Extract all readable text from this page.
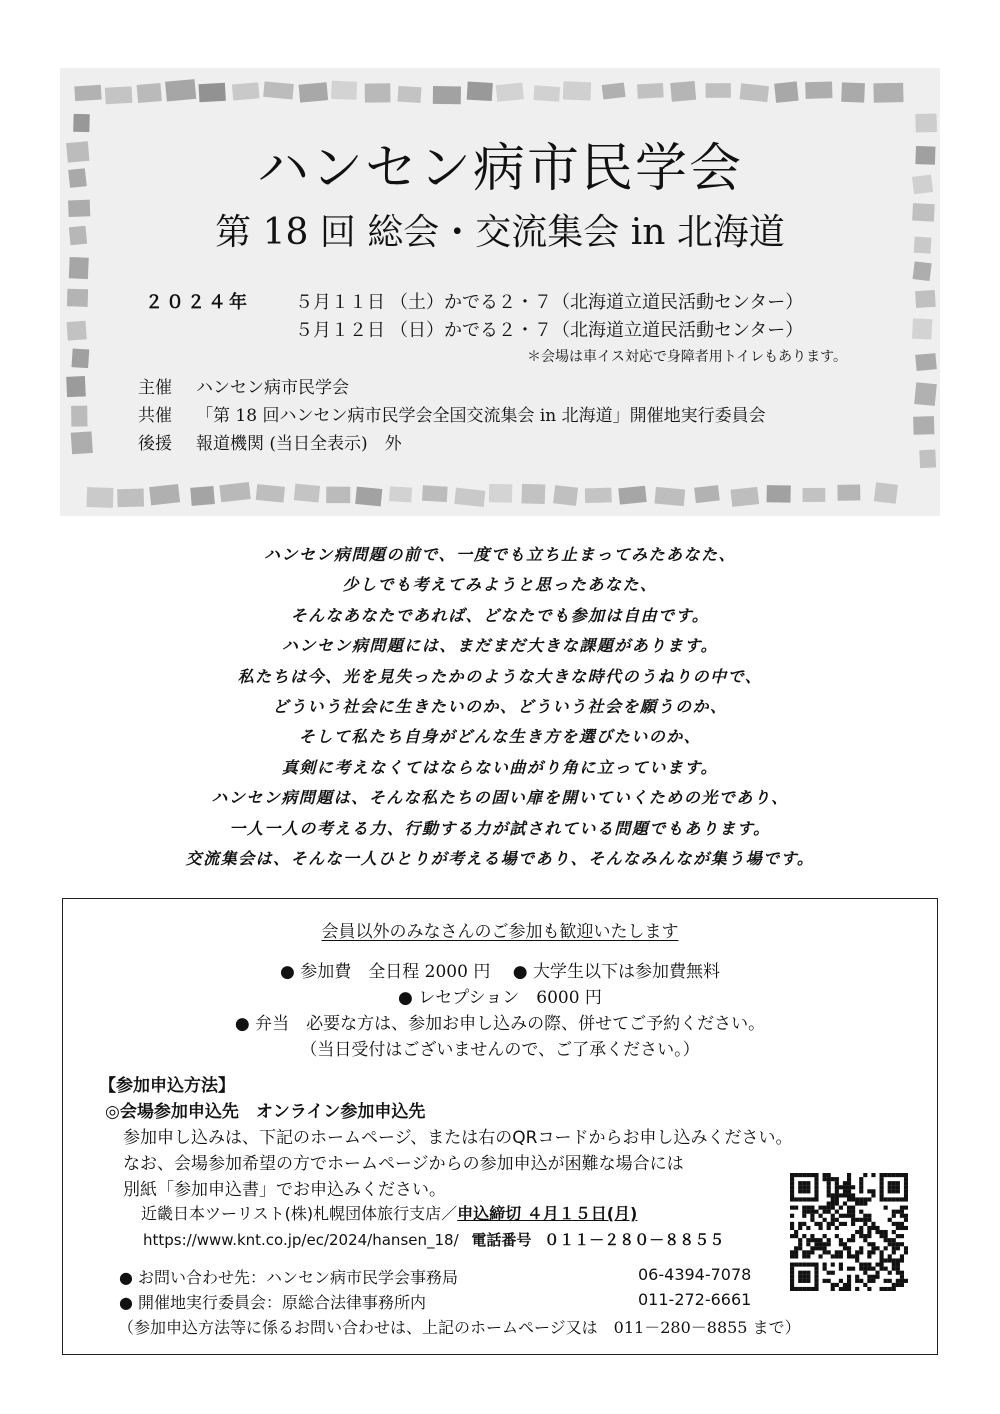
ハンセン病市民学会
第 18 回 総会・交流集会 in 北海道
２０２４年	５月１１日 （土）かでる２・７（北海道立道民活動センター）
５月１２日 （日）かでる２・７（北海道立道民活動センター）
＊会場は車イス対応で身障者用トイレもあります。
主催 ハンセン病市民学会
共催 「第 18 回ハンセン病市民学会全国交流集会 in 北海道」開催地実行委員会
後援 報道機関 (当日全表示)　外
ハンセン病問題の前で、一度でも立ち止まってみたあなた、
少しでも考えてみようと思ったあなた、
そんなあなたであれば、どなたでも参加は自由です。
ハンセン病問題には、まだまだ大きな課題があります。
私たちは今、光を見失ったかのような大きな時代のうねりの中で、
どういう社会に生きたいのか、どういう社会を願うのか、
そして私たち自身がどんな生き方を選びたいのか、
真剣に考えなくてはならない曲がり角に立っています。
ハンセン病問題は、そんな私たちの固い扉を開いていくための光であり、
一人一人の考える力、行動する力が試されている問題でもあります。
交流集会は、そんな一人ひとりが考える場であり、そんなみんなが集う場です。
会員以外のみなさんのご参加も歓迎いたします
● 参加費　全日程 2000 円　 ● 大学生以下は参加費無料
● レセプション　6000 円
● 弁当　必要な方は、参加お申し込みの際、併せてご予約ください。
（当日受付はございませんので、ご了承ください。）
【参加申込方法】
◎会場参加申込先　オンライン参加申込先
参加申し込みは、下記のホームページ、または右のQRコードからお申し込みください。
なお、会場参加希望の方でホームページからの参加申込が困難な場合には
別紙「参加申込書」でお申込みください。
近畿日本ツーリスト(株)札幌団体旅行支店／申込締切 ４月１５日(月)
https://www.knt.co.jp/ec/2024/hansen_18/ 電話番号 ０１１－２８０－８８５５
● お問い合わせ先：ハンセン病市民学会事務局	06-4394-7078
● 開催地実行委員会：原総合法律事務所内	011-272-6661
（参加申込方法等に係るお問い合わせは、上記のホームページ又は　011－280－8855 まで）
